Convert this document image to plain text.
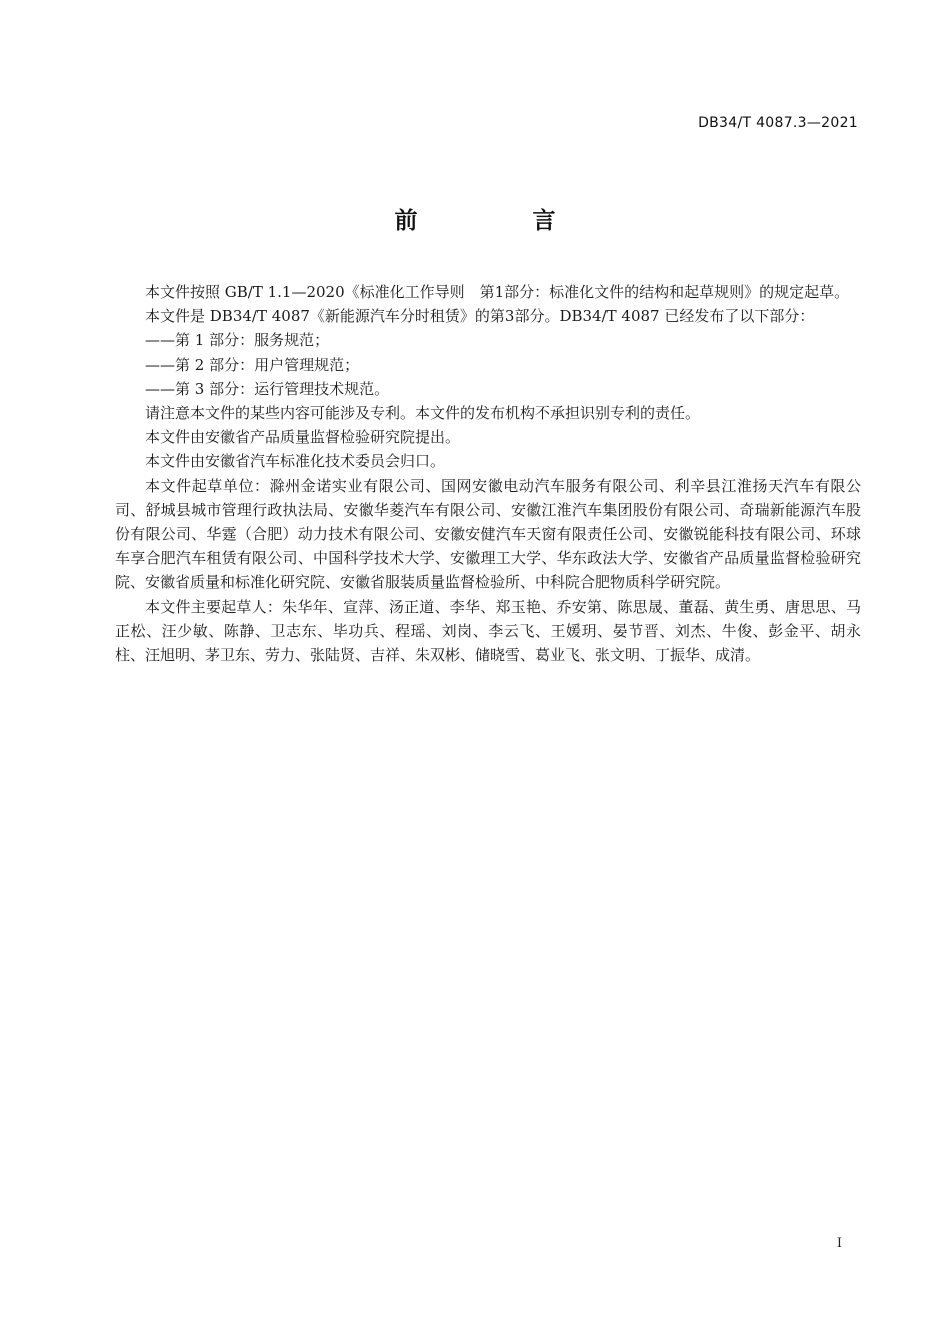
DB34/T 4087.3—2021
前　言

本文件按照 GB/T 1.1—2020《标准化工作导则　第1部分：标准化文件的结构和起草规则》的规定起草。

本文件是 DB34/T 4087《新能源汽车分时租赁》的第3部分。DB34/T 4087 已经发布了以下部分：

——第 1 部分：服务规范；

——第 2 部分：用户管理规范；

——第 3 部分：运行管理技术规范。

请注意本文件的某些内容可能涉及专利。本文件的发布机构不承担识别专利的责任。

本文件由安徽省产品质量监督检验研究院提出。

本文件由安徽省汽车标准化技术委员会归口。

本文件起草单位：滁州金诺实业有限公司、国网安徽电动汽车服务有限公司、利辛县江淮扬天汽车有限公司、舒城县城市管理行政执法局、安徽华菱汽车有限公司、安徽江淮汽车集团股份有限公司、奇瑞新能源汽车股份有限公司、华霆（合肥）动力技术有限公司、安徽安健汽车天窗有限责任公司、安徽锐能科技有限公司、环球车享合肥汽车租赁有限公司、中国科学技术大学、安徽理工大学、华东政法大学、安徽省产品质量监督检验研究院、安徽省质量和标准化研究院、安徽省服装质量监督检验所、中科院合肥物质科学研究院。

本文件主要起草人：朱华年、宣萍、汤正道、李华、郑玉艳、乔安第、陈思晟、董磊、黄生勇、唐思思、马正松、汪少敏、陈静、卫志东、毕功兵、程瑶、刘岗、李云飞、王媛玥、晏节晋、刘杰、牛俊、彭金平、胡永柱、汪旭明、茅卫东、劳力、张陆贤、吉祥、朱双彬、储晓雪、葛业飞、张文明、丁振华、成清。

I
